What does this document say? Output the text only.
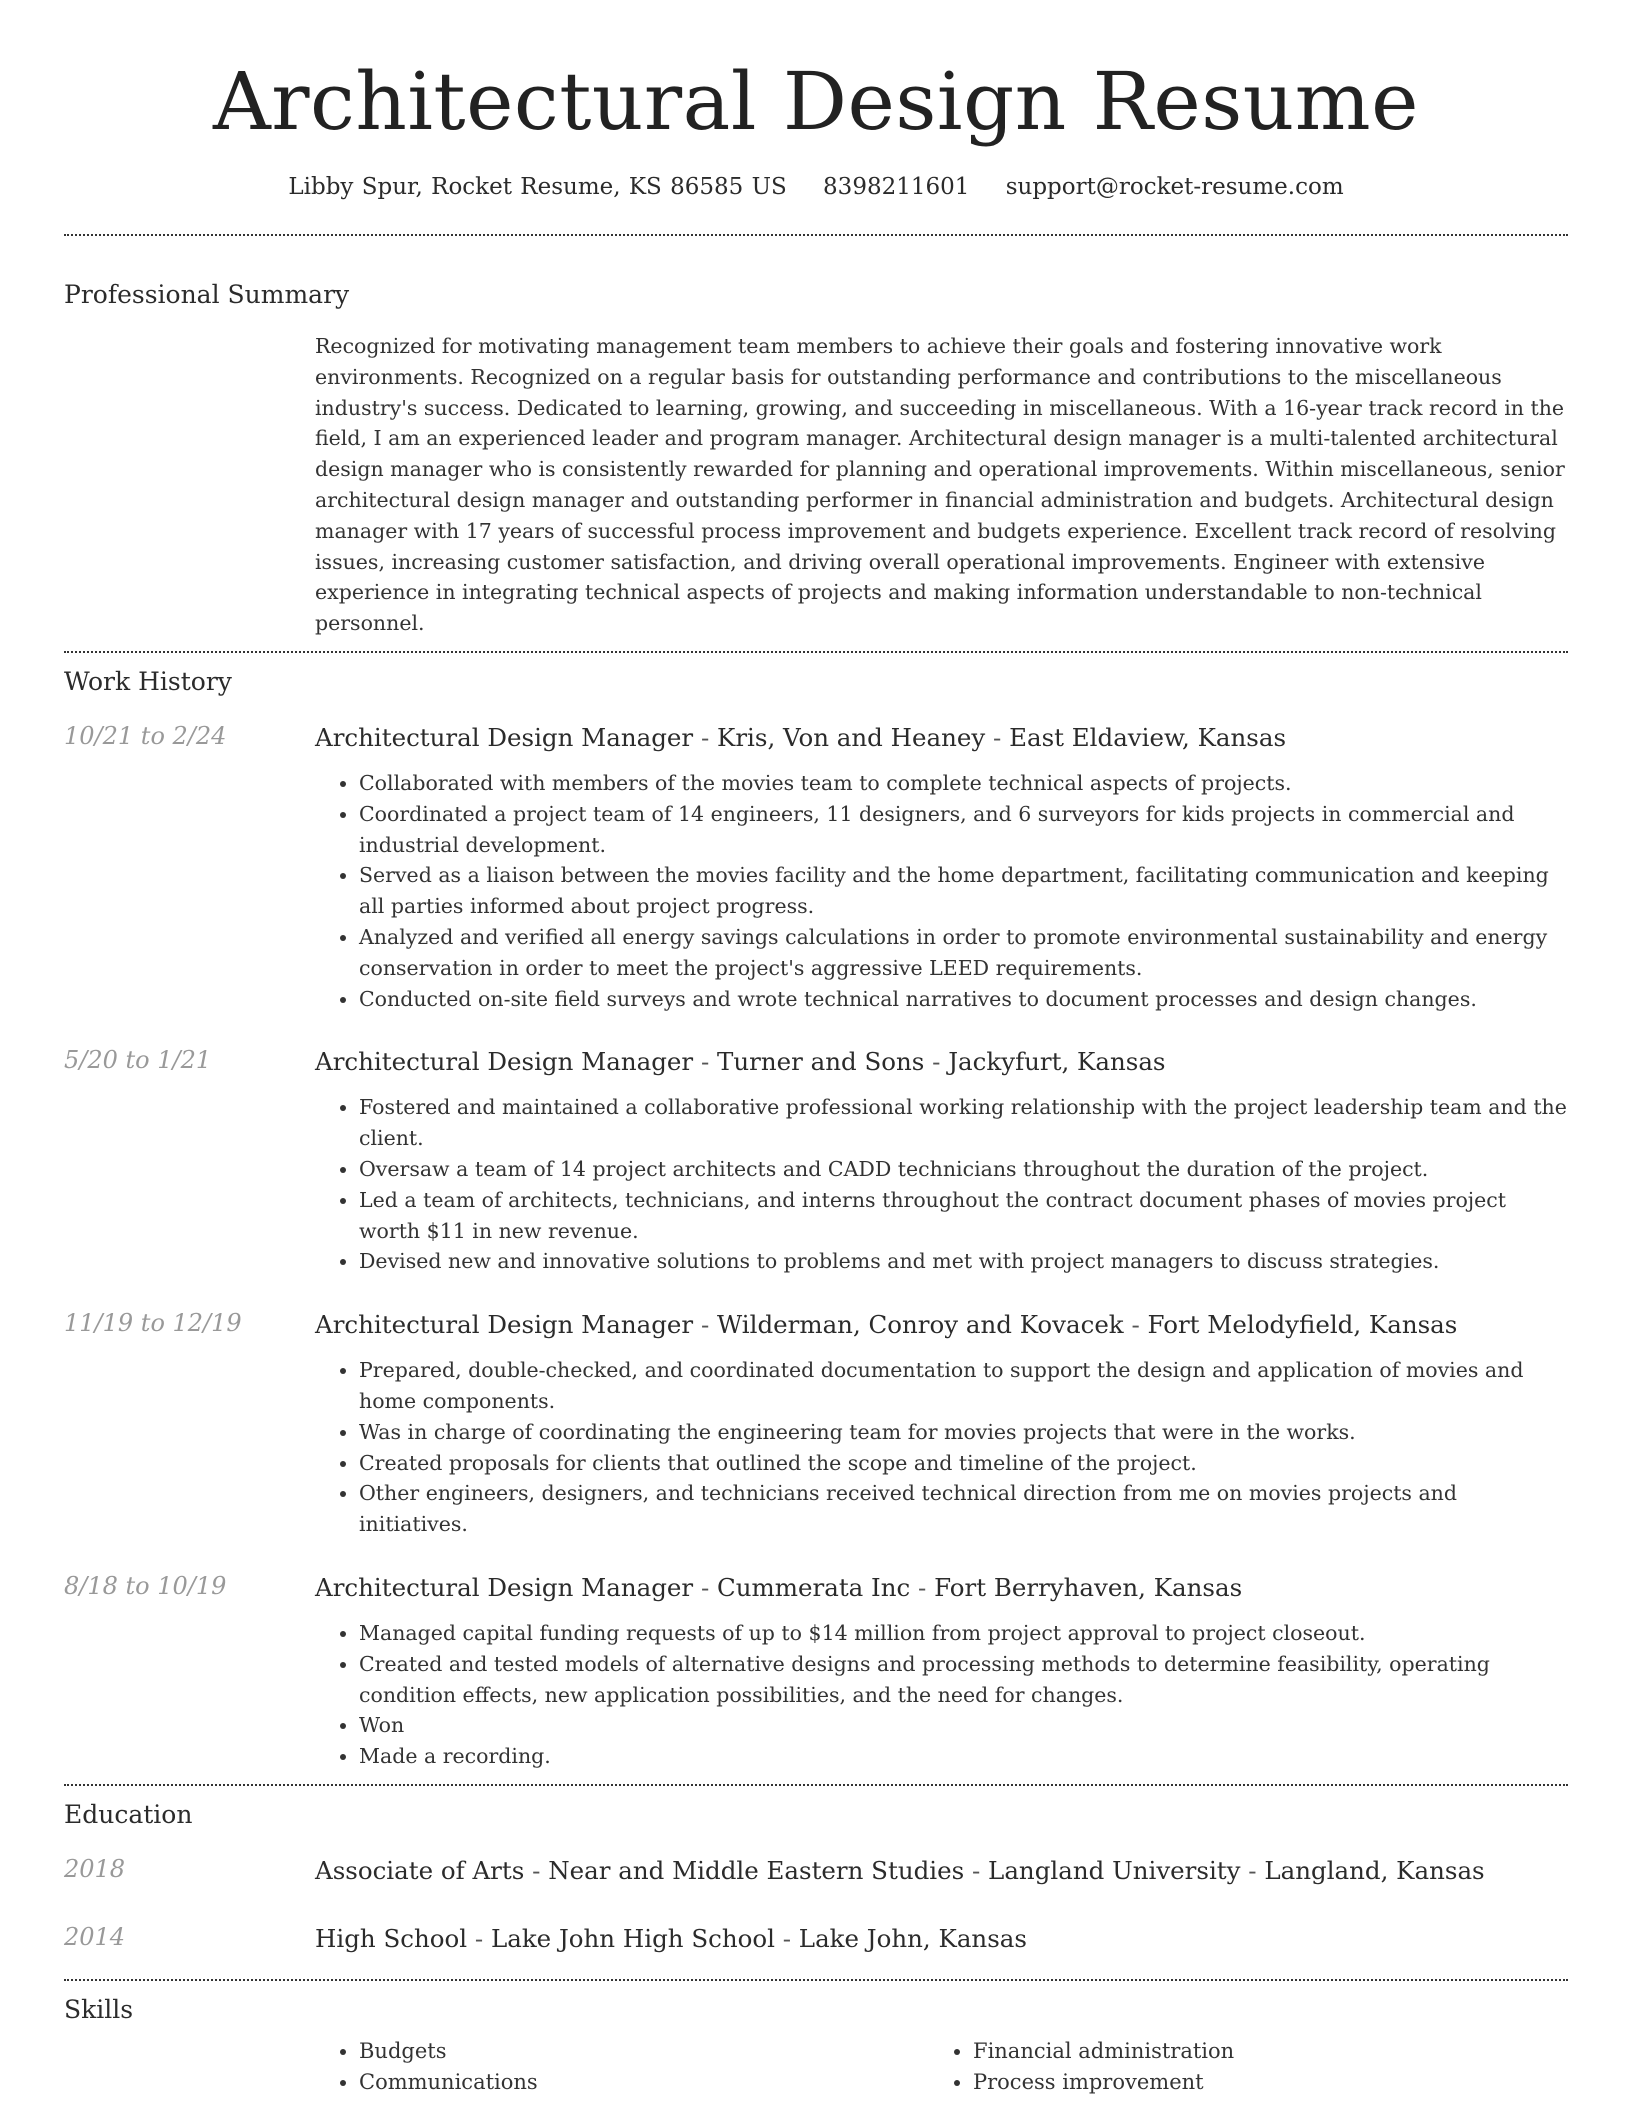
Architectural Design Resume
Libby Spur, Rocket Resume, KS 86585 US 8398211601 support@rocket-resume.com
Professional Summary
Recognized for motivating management team members to achieve their goals and fostering innovative work environments. Recognized on a regular basis for outstanding performance and contributions to the miscellaneous industry's success. Dedicated to learning, growing, and succeeding in miscellaneous. With a 16-year track record in the field, I am an experienced leader and program manager. Architectural design manager is a multi-talented architectural design manager who is consistently rewarded for planning and operational improvements. Within miscellaneous, senior architectural design manager and outstanding performer in financial administration and budgets. Architectural design manager with 17 years of successful process improvement and budgets experience. Excellent track record of resolving issues, increasing customer satisfaction, and driving overall operational improvements. Engineer with extensive experience in integrating technical aspects of projects and making information understandable to non-technical personnel.
Work History
10/21 to 2/24	Architectural Design Manager - Kris, Von and Heaney - East Eldaview, Kansas

• Collaborated with members of the movies team to complete technical aspects of projects.
• Coordinated a project team of 14 engineers, 11 designers, and 6 surveyors for kids projects in commercial and industrial development.
• Served as a liaison between the movies facility and the home department, facilitating communication and keeping all parties informed about project progress.
• Analyzed and verified all energy savings calculations in order to promote environmental sustainability and energy conservation in order to meet the project's aggressive LEED requirements.
• Conducted on-site field surveys and wrote technical narratives to document processes and design changes.
5/20 to 1/21	Architectural Design Manager - Turner and Sons - Jackyfurt, Kansas

• Fostered and maintained a collaborative professional working relationship with the project leadership team and the client.
• Oversaw a team of 14 project architects and CADD technicians throughout the duration of the project.
• Led a team of architects, technicians, and interns throughout the contract document phases of movies project worth $11 in new revenue.
• Devised new and innovative solutions to problems and met with project managers to discuss strategies.
11/19 to 12/19	Architectural Design Manager - Wilderman, Conroy and Kovacek - Fort Melodyfield, Kansas

• Prepared, double-checked, and coordinated documentation to support the design and application of movies and home components.
• Was in charge of coordinating the engineering team for movies projects that were in the works.
• Created proposals for clients that outlined the scope and timeline of the project.
• Other engineers, designers, and technicians received technical direction from me on movies projects and initiatives.
8/18 to 10/19	Architectural Design Manager - Cummerata Inc - Fort Berryhaven, Kansas

• Managed capital funding requests of up to $14 million from project approval to project closeout.
• Created and tested models of alternative designs and processing methods to determine feasibility, operating condition effects, new application possibilities, and the need for changes.
• Won
• Made a recording.
Education
2018	Associate of Arts - Near and Middle Eastern Studies - Langland University - Langland, Kansas

2014	High School - Lake John High School - Lake John, Kansas

Skills
• Budgets
• Communications
• Financial administration
• Process improvement
